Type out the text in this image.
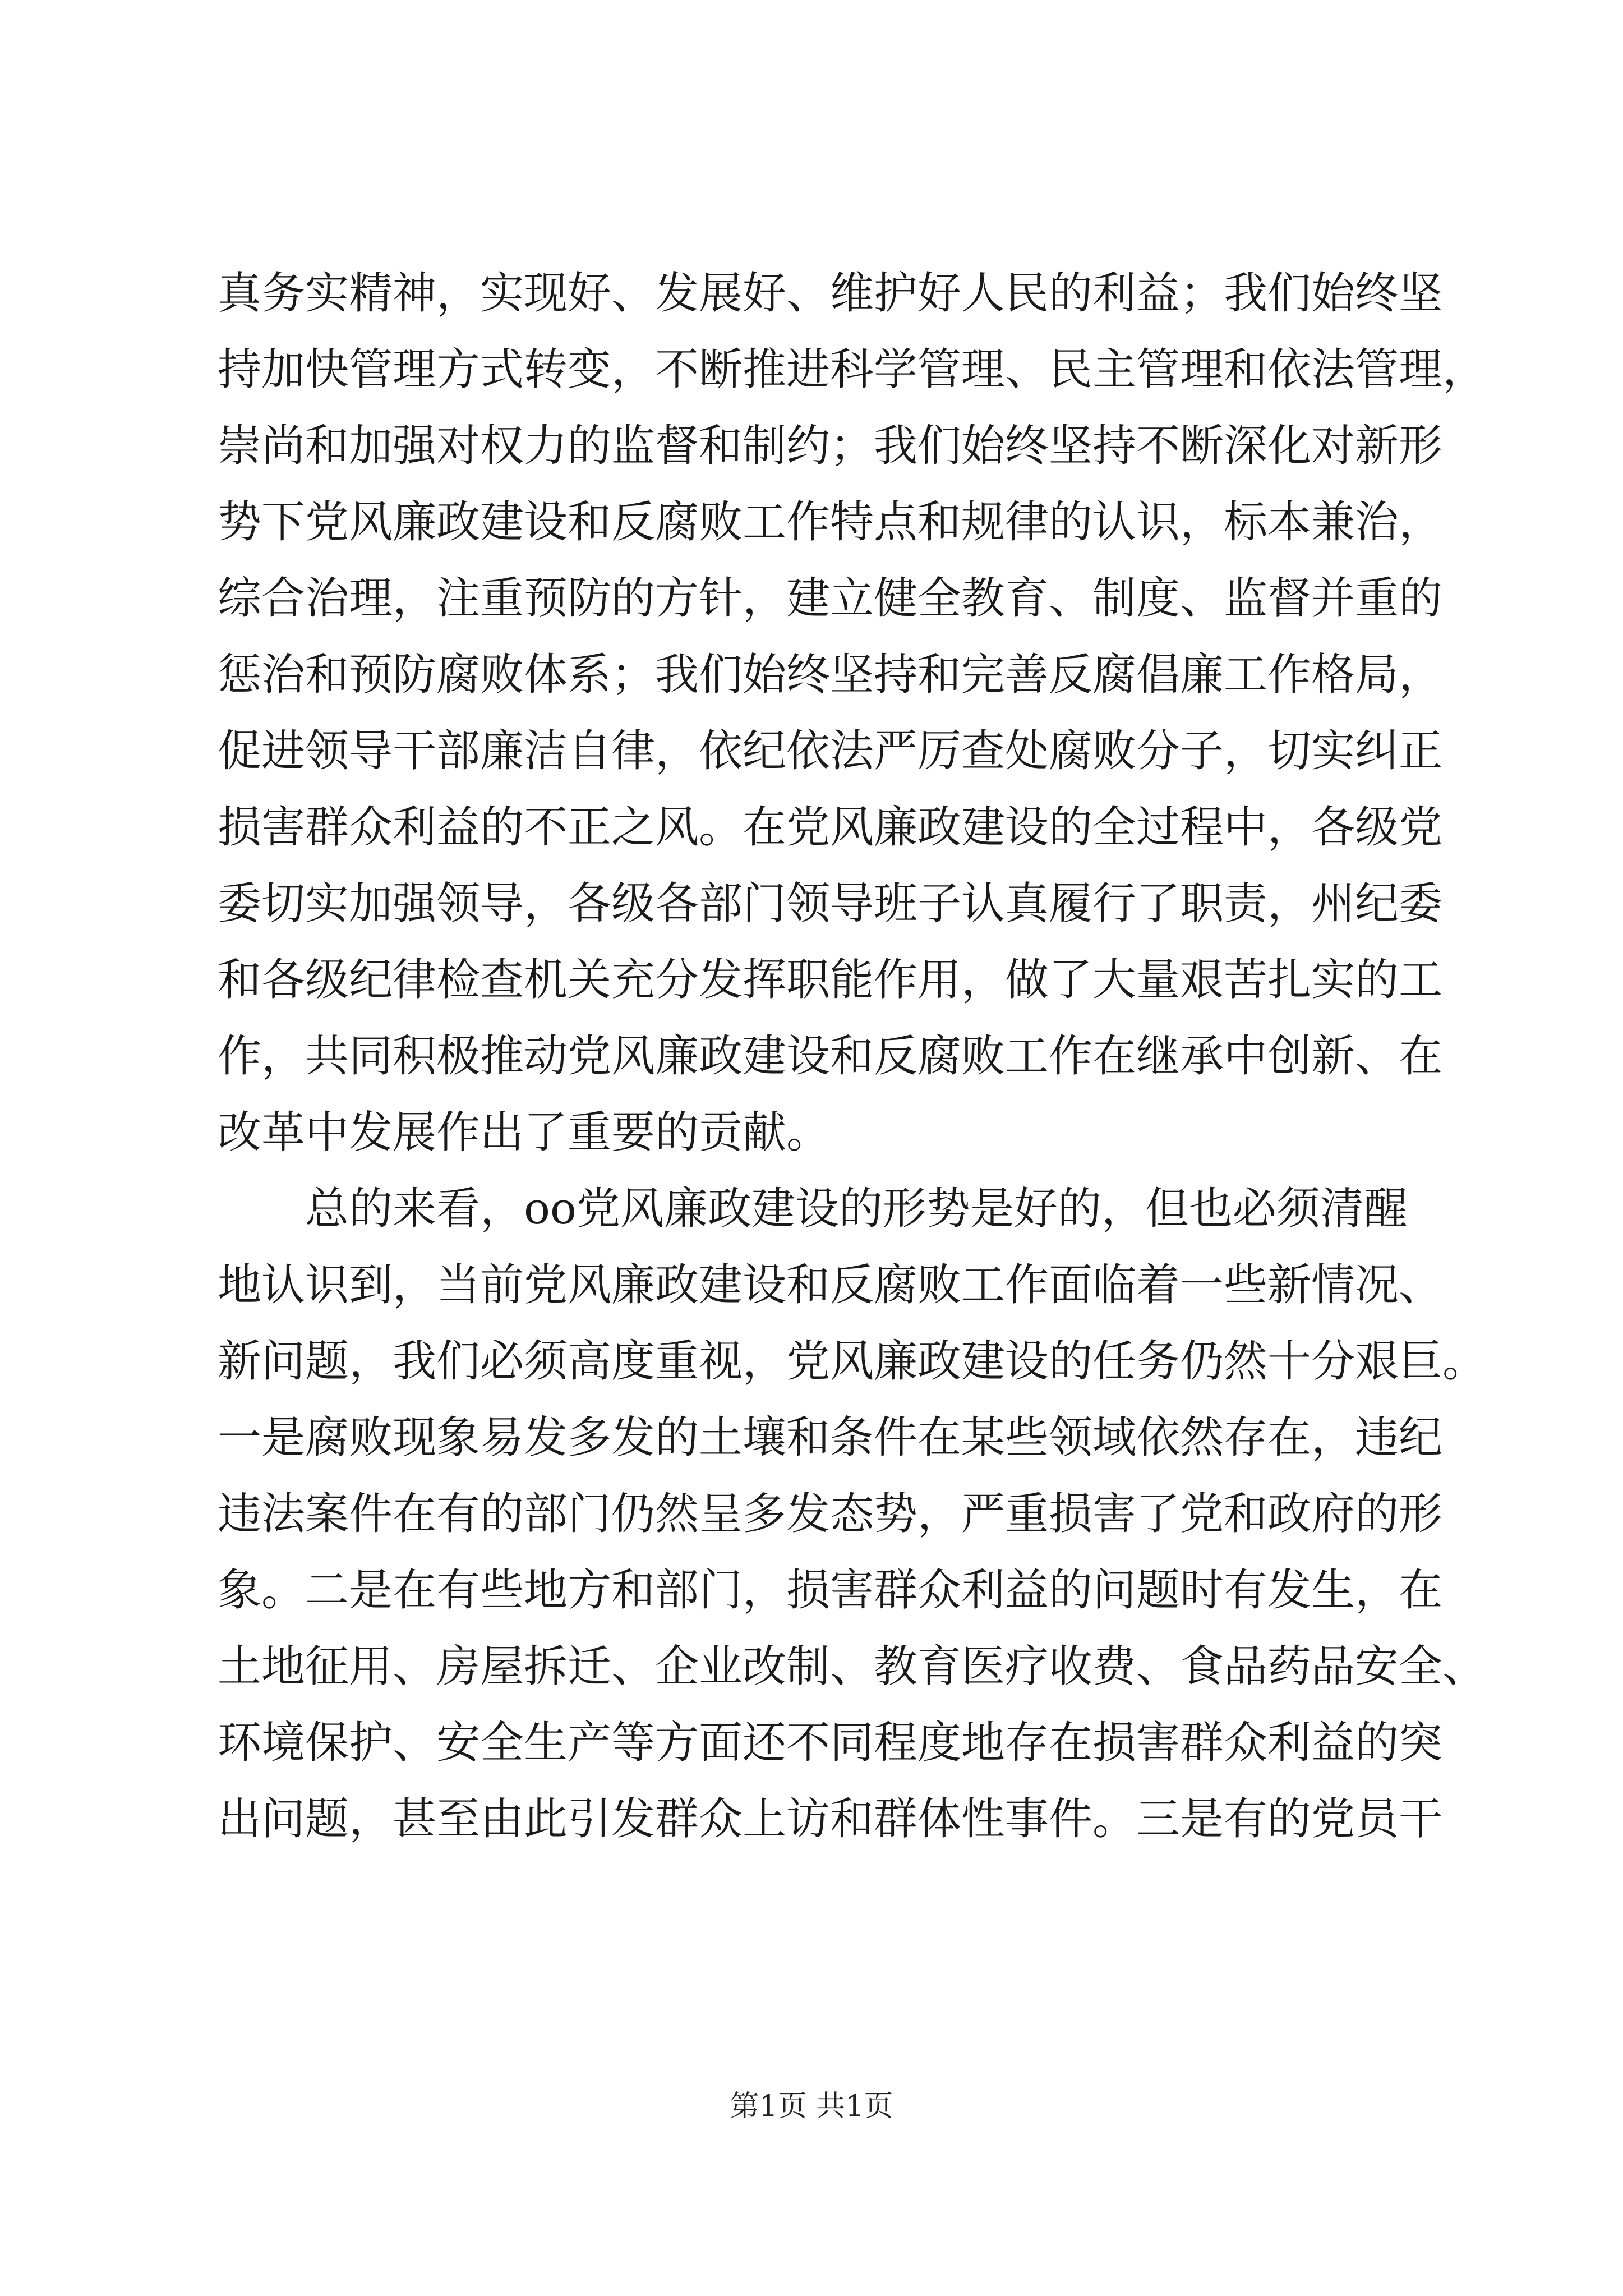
真务实精神，实现好、发展好、维护好人民的利益；我们始终坚
持加快管理方式转变，不断推进科学管理、民主管理和依法管理，
崇尚和加强对权力的监督和制约；我们始终坚持不断深化对新形
势下党风廉政建设和反腐败工作特点和规律的认识，标本兼治，
综合治理，注重预防的方针，建立健全教育、制度、监督并重的
惩治和预防腐败体系；我们始终坚持和完善反腐倡廉工作格局，
促进领导干部廉洁自律，依纪依法严厉查处腐败分子，切实纠正
损害群众利益的不正之风。在党风廉政建设的全过程中，各级党
委切实加强领导，各级各部门领导班子认真履行了职责，州纪委
和各级纪律检查机关充分发挥职能作用，做了大量艰苦扎实的工
作，共同积极推动党风廉政建设和反腐败工作在继承中创新、在
改革中发展作出了重要的贡献。
　　总的来看，oo党风廉政建设的形势是好的，但也必须清醒
地认识到，当前党风廉政建设和反腐败工作面临着一些新情况、
新问题，我们必须高度重视，党风廉政建设的任务仍然十分艰巨。
一是腐败现象易发多发的土壤和条件在某些领域依然存在，违纪
违法案件在有的部门仍然呈多发态势，严重损害了党和政府的形
象。二是在有些地方和部门，损害群众利益的问题时有发生，在
土地征用、房屋拆迁、企业改制、教育医疗收费、食品药品安全、
环境保护、安全生产等方面还不同程度地存在损害群众利益的突
出问题，甚至由此引发群众上访和群体性事件。三是有的党员干
第1页 共1页
